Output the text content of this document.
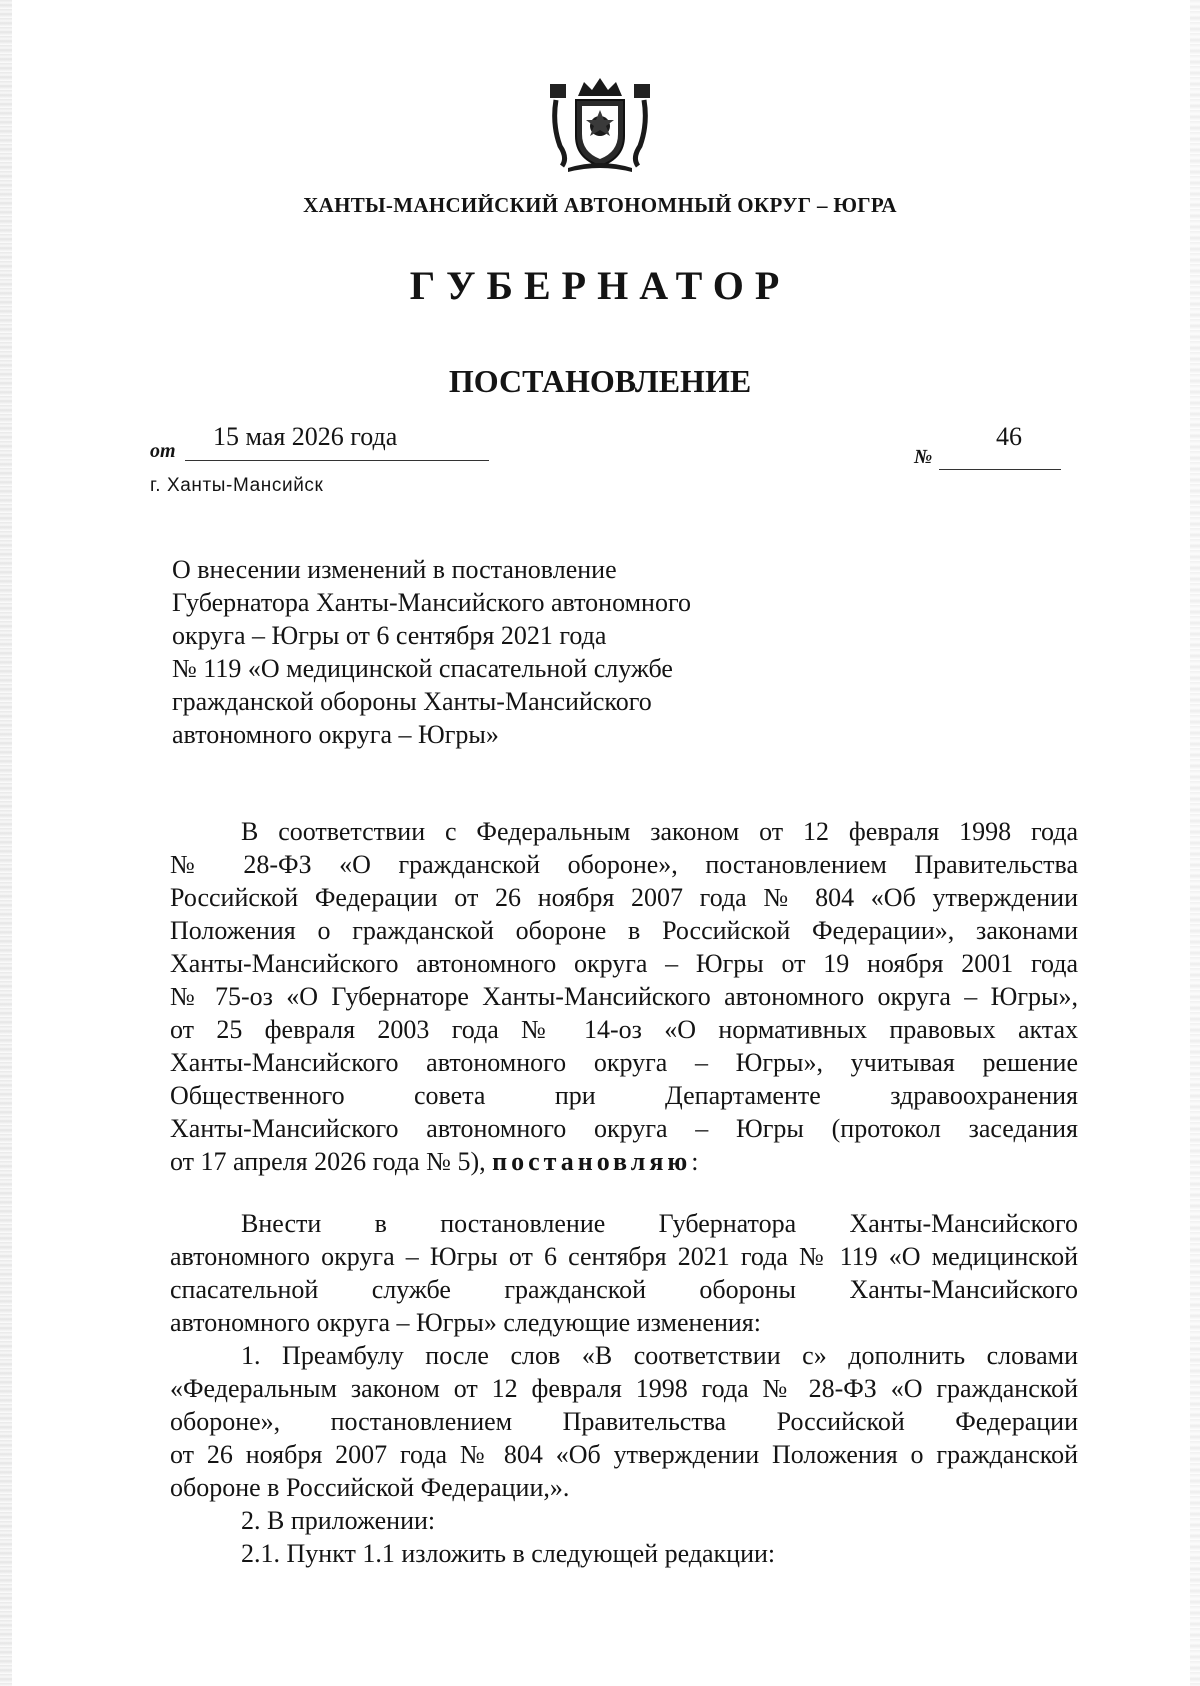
ХАНТЫ-МАНСИЙСКИЙ АВТОНОМНЫЙ ОКРУГ – ЮГРА
ГУБЕРНАТОР
ПОСТАНОВЛЕНИЕ
от 15 мая 2026 года
№
46
г. Ханты-Мансийск
О внесении изменений в постановление
Губернатора Ханты-Мансийского автономного
округа – Югры от 6 сентября 2021 года
№ 119 «О медицинской спасательной службе
гражданской обороны Ханты-Мансийского
автономного округа – Югры»
В соответствии с Федеральным законом от 12 февраля 1998 года
№ 28-ФЗ «О гражданской обороне», постановлением Правительства
Российской Федерации от 26 ноября 2007 года № 804 «Об утверждении
Положения о гражданской обороне в Российской Федерации», законами
Ханты-Мансийского автономного округа – Югры от 19 ноября 2001 года
№ 75-оз «О Губернаторе Ханты-Мансийского автономного округа – Югры»,
от 25 февраля 2003 года № 14-оз «О нормативных правовых актах
Ханты-Мансийского автономного округа – Югры», учитывая решение
Общественного совета при Департаменте здравоохранения
Ханты-Мансийского автономного округа – Югры (протокол заседания
от 17 апреля 2026 года № 5), постановляю:
Внести в постановление Губернатора Ханты-Мансийского
автономного округа – Югры от 6 сентября 2021 года № 119 «О медицинской
спасательной службе гражданской обороны Ханты-Мансийского
автономного округа – Югры» следующие изменения:
1. Преамбулу после слов «В соответствии с» дополнить словами
«Федеральным законом от 12 февраля 1998 года № 28-ФЗ «О гражданской
обороне», постановлением Правительства Российской Федерации
от 26 ноября 2007 года № 804 «Об утверждении Положения о гражданской
обороне в Российской Федерации,».
2. В приложении:
2.1. Пункт 1.1 изложить в следующей редакции:
